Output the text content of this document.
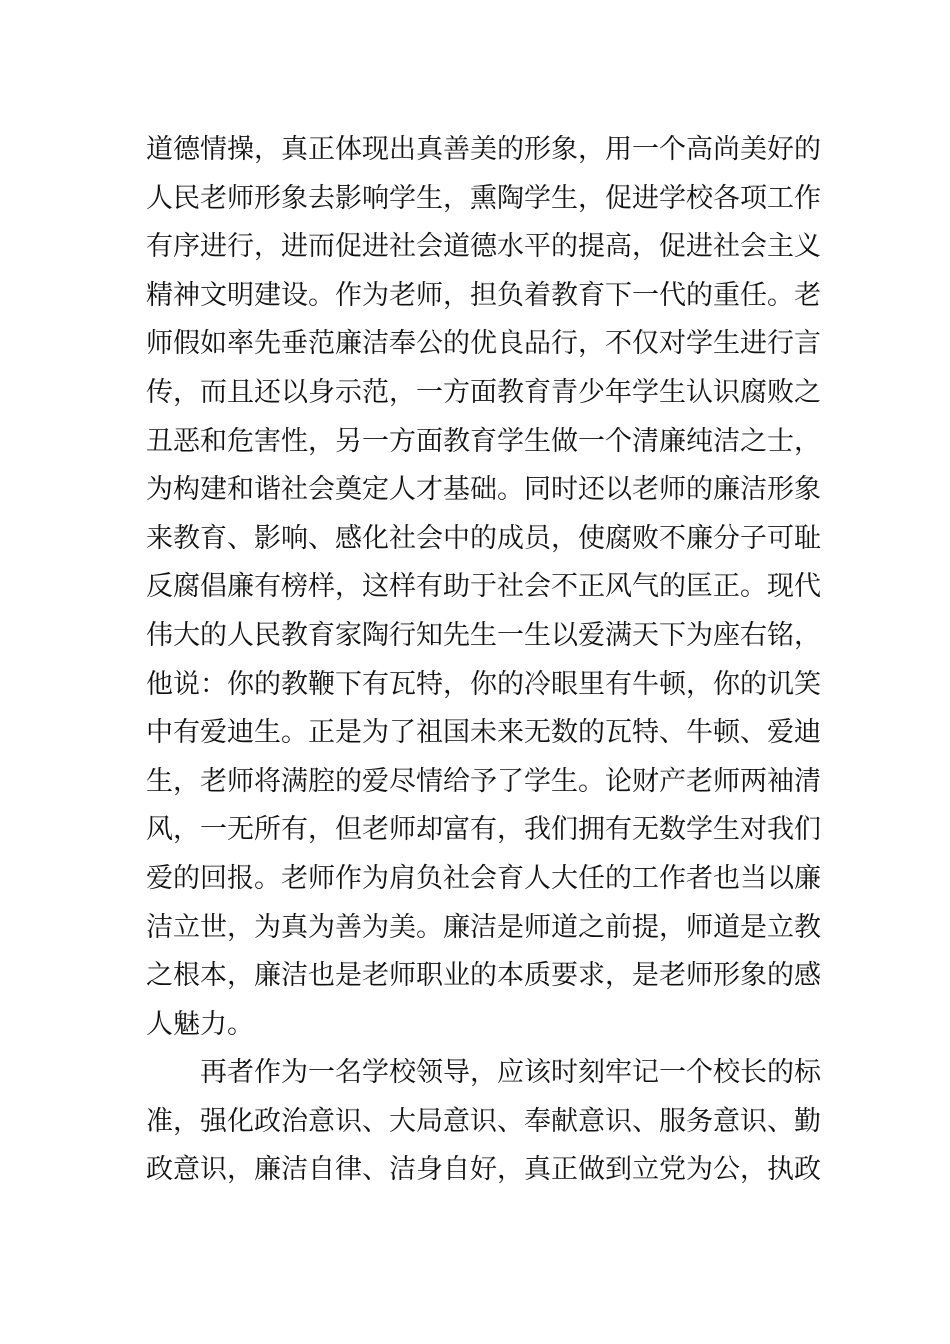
道德情操，真正体现出真善美的形象，用一个高尚美好的
人民老师形象去影响学生，熏陶学生，促进学校各项工作
有序进行，进而促进社会道德水平的提高，促进社会主义
精神文明建设。作为老师，担负着教育下一代的重任。老
师假如率先垂范廉洁奉公的优良品行，不仅对学生进行言
传，而且还以身示范，一方面教育青少年学生认识腐败之
丑恶和危害性，另一方面教育学生做一个清廉纯洁之士，
为构建和谐社会奠定人才基础。同时还以老师的廉洁形象
来教育、影响、感化社会中的成员，使腐败不廉分子可耻
反腐倡廉有榜样，这样有助于社会不正风气的匡正。现代
伟大的人民教育家陶行知先生一生以爱满天下为座右铭，
他说：你的教鞭下有瓦特，你的冷眼里有牛顿，你的讥笑
中有爱迪生。正是为了祖国未来无数的瓦特、牛顿、爱迪
生，老师将满腔的爱尽情给予了学生。论财产老师两袖清
风，一无所有，但老师却富有，我们拥有无数学生对我们
爱的回报。老师作为肩负社会育人大任的工作者也当以廉
洁立世，为真为善为美。廉洁是师道之前提，师道是立教
之根本，廉洁也是老师职业的本质要求，是老师形象的感
人魅力。
再者作为一名学校领导，应该时刻牢记一个校长的标
准，强化政治意识、大局意识、奉献意识、服务意识、勤
政意识，廉洁自律、洁身自好，真正做到立党为公，执政
